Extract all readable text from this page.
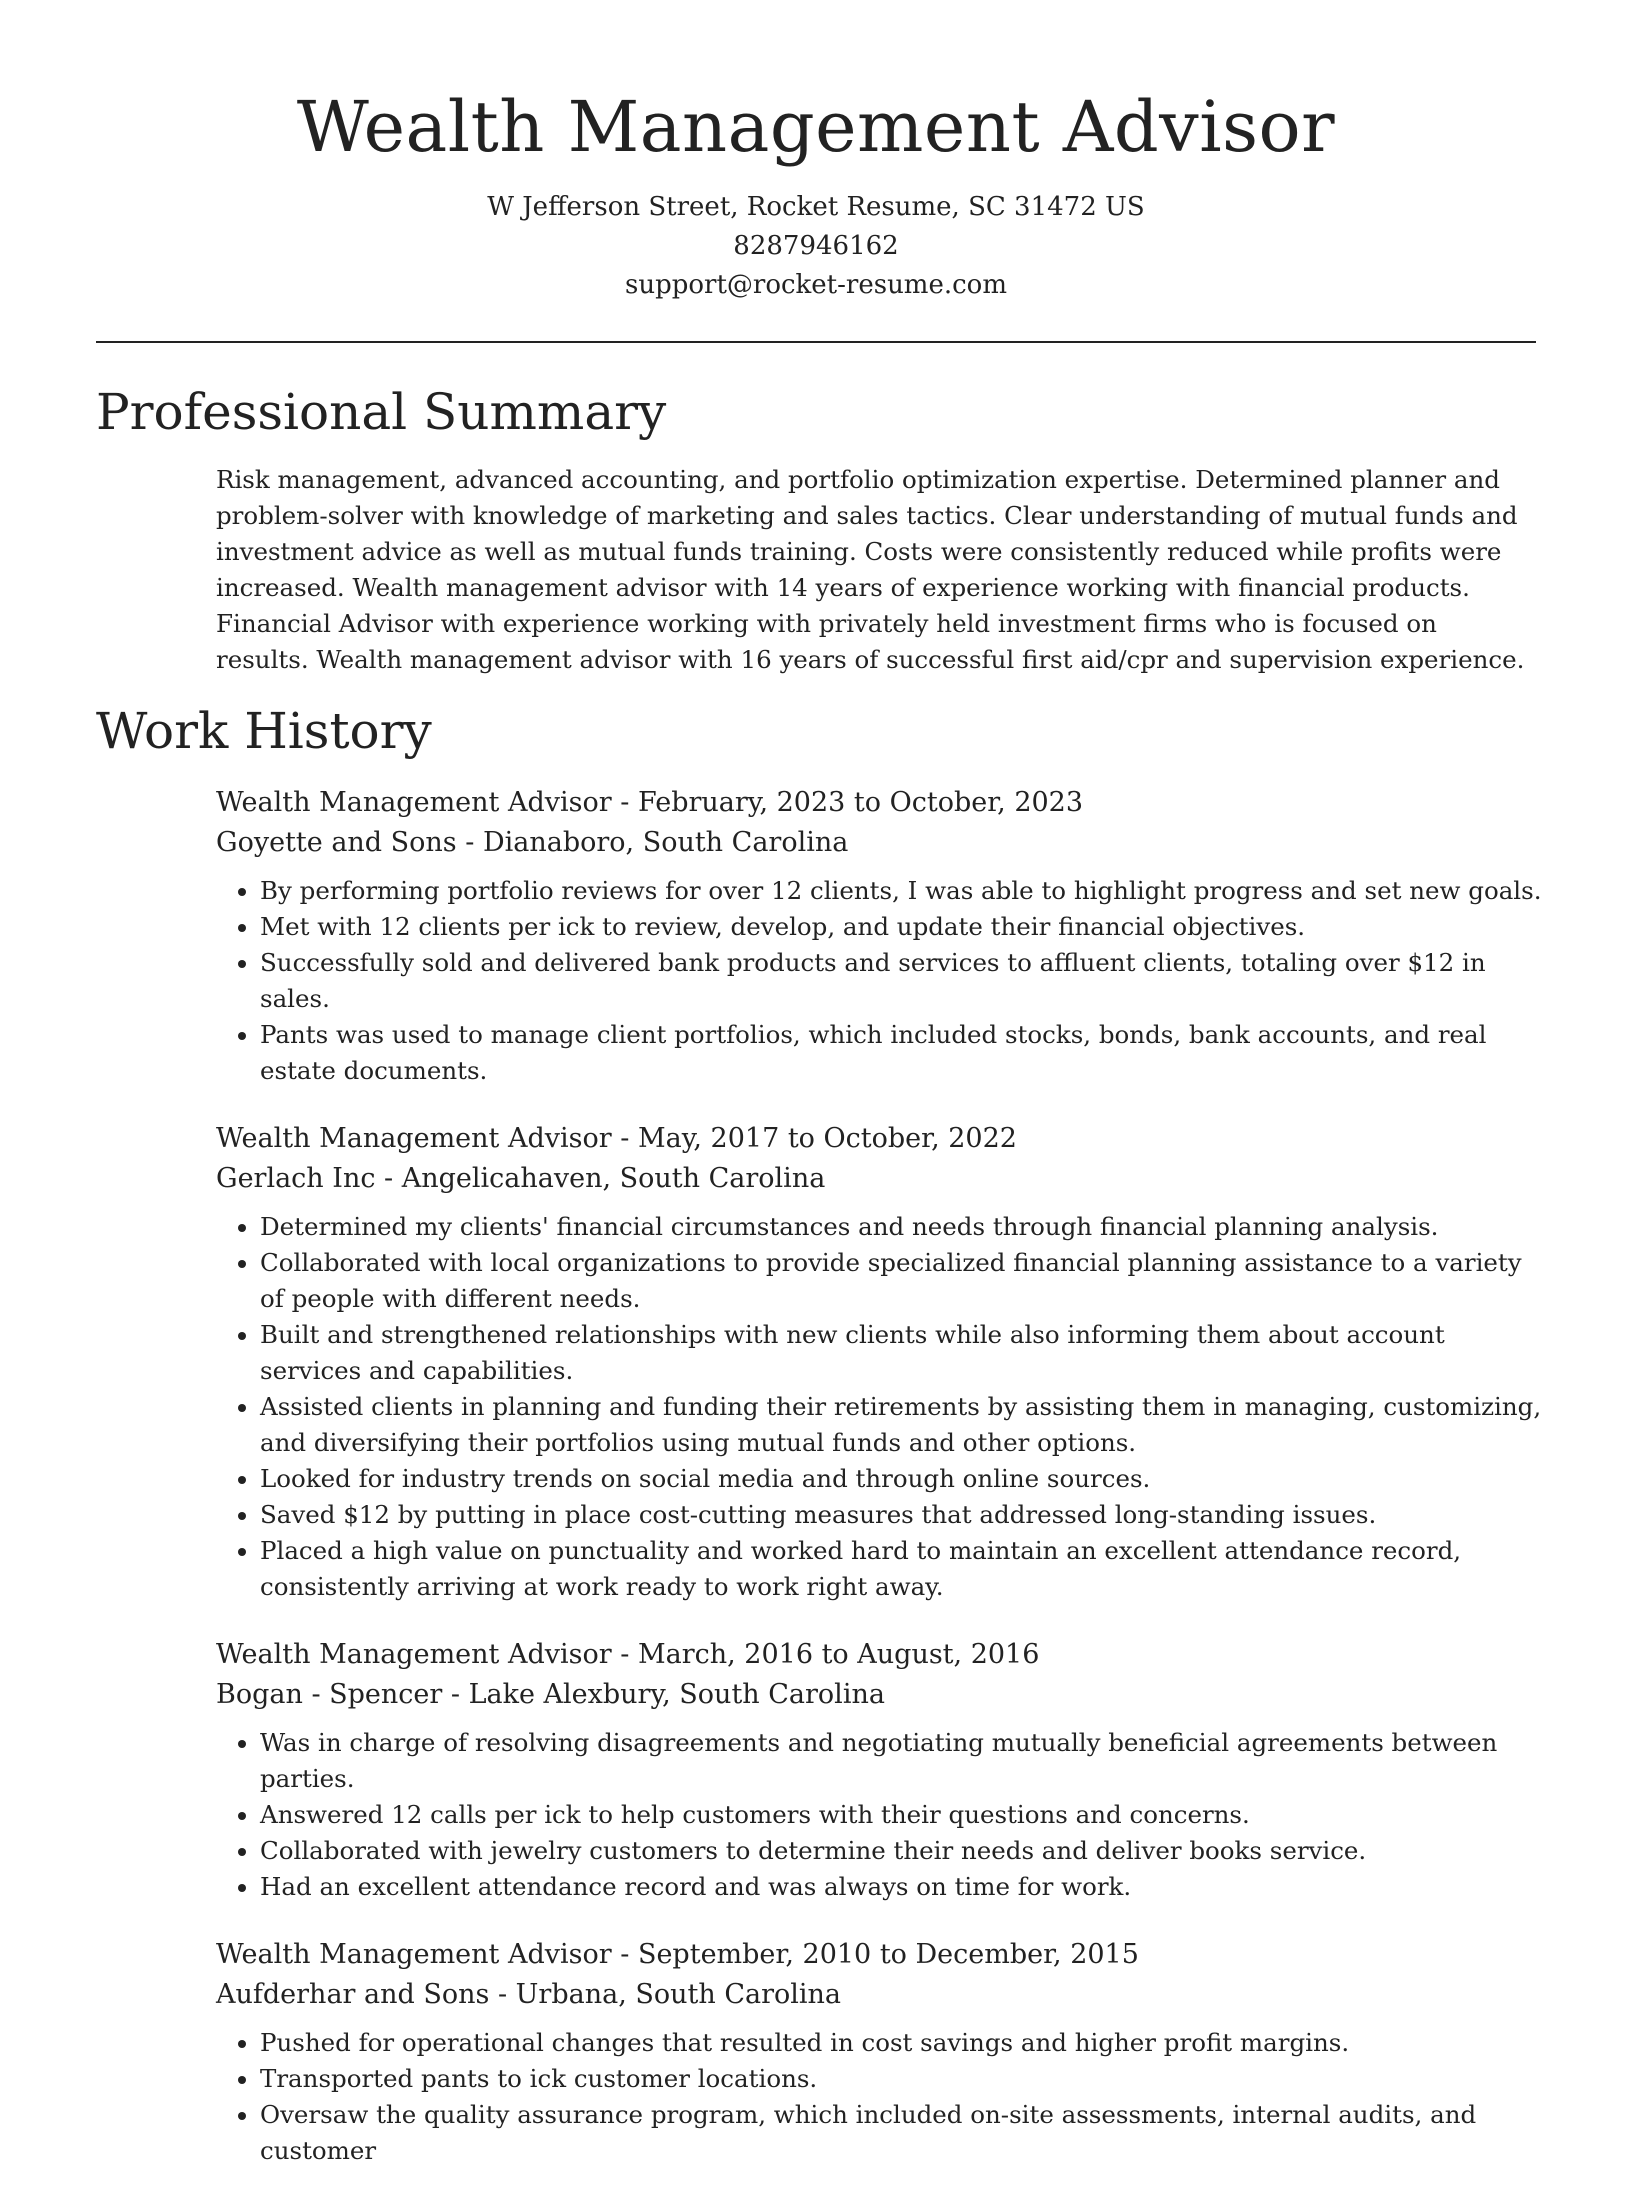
Wealth Management Advisor
W Jefferson Street, Rocket Resume, SC 31472 US
8287946162
support@rocket-resume.com
Professional Summary

Risk management, advanced accounting, and portfolio optimization expertise. Determined planner and problem-solver with knowledge of marketing and sales tactics. Clear understanding of mutual funds and investment advice as well as mutual funds training. Costs were consistently reduced while profits were increased. Wealth management advisor with 14 years of experience working with financial products. Financial Advisor with experience working with privately held investment firms who is focused on results. Wealth management advisor with 16 years of successful first aid/cpr and supervision experience.

Work History

Wealth Management Advisor - February, 2023 to October, 2023

Goyette and Sons - Dianaboro, South Carolina

• By performing portfolio reviews for over 12 clients, I was able to highlight progress and set new goals.
• Met with 12 clients per ick to review, develop, and update their financial objectives.
• Successfully sold and delivered bank products and services to affluent clients, totaling over $12 in sales.
• Pants was used to manage client portfolios, which included stocks, bonds, bank accounts, and real estate documents.

Wealth Management Advisor - May, 2017 to October, 2022

Gerlach Inc - Angelicahaven, South Carolina

• Determined my clients' financial circumstances and needs through financial planning analysis.
• Collaborated with local organizations to provide specialized financial planning assistance to a variety of people with different needs.
• Built and strengthened relationships with new clients while also informing them about account services and capabilities.
• Assisted clients in planning and funding their retirements by assisting them in managing, customizing, and diversifying their portfolios using mutual funds and other options.
• Looked for industry trends on social media and through online sources.
• Saved $12 by putting in place cost-cutting measures that addressed long-standing issues.
• Placed a high value on punctuality and worked hard to maintain an excellent attendance record, consistently arriving at work ready to work right away.

Wealth Management Advisor - March, 2016 to August, 2016

Bogan - Spencer - Lake Alexbury, South Carolina

• Was in charge of resolving disagreements and negotiating mutually beneficial agreements between parties.
• Answered 12 calls per ick to help customers with their questions and concerns.
• Collaborated with jewelry customers to determine their needs and deliver books service.
• Had an excellent attendance record and was always on time for work.

Wealth Management Advisor - September, 2010 to December, 2015

Aufderhar and Sons - Urbana, South Carolina

• Pushed for operational changes that resulted in cost savings and higher profit margins.
• Transported pants to ick customer locations.
• Oversaw the quality assurance program, which included on-site assessments, internal audits, and customer
